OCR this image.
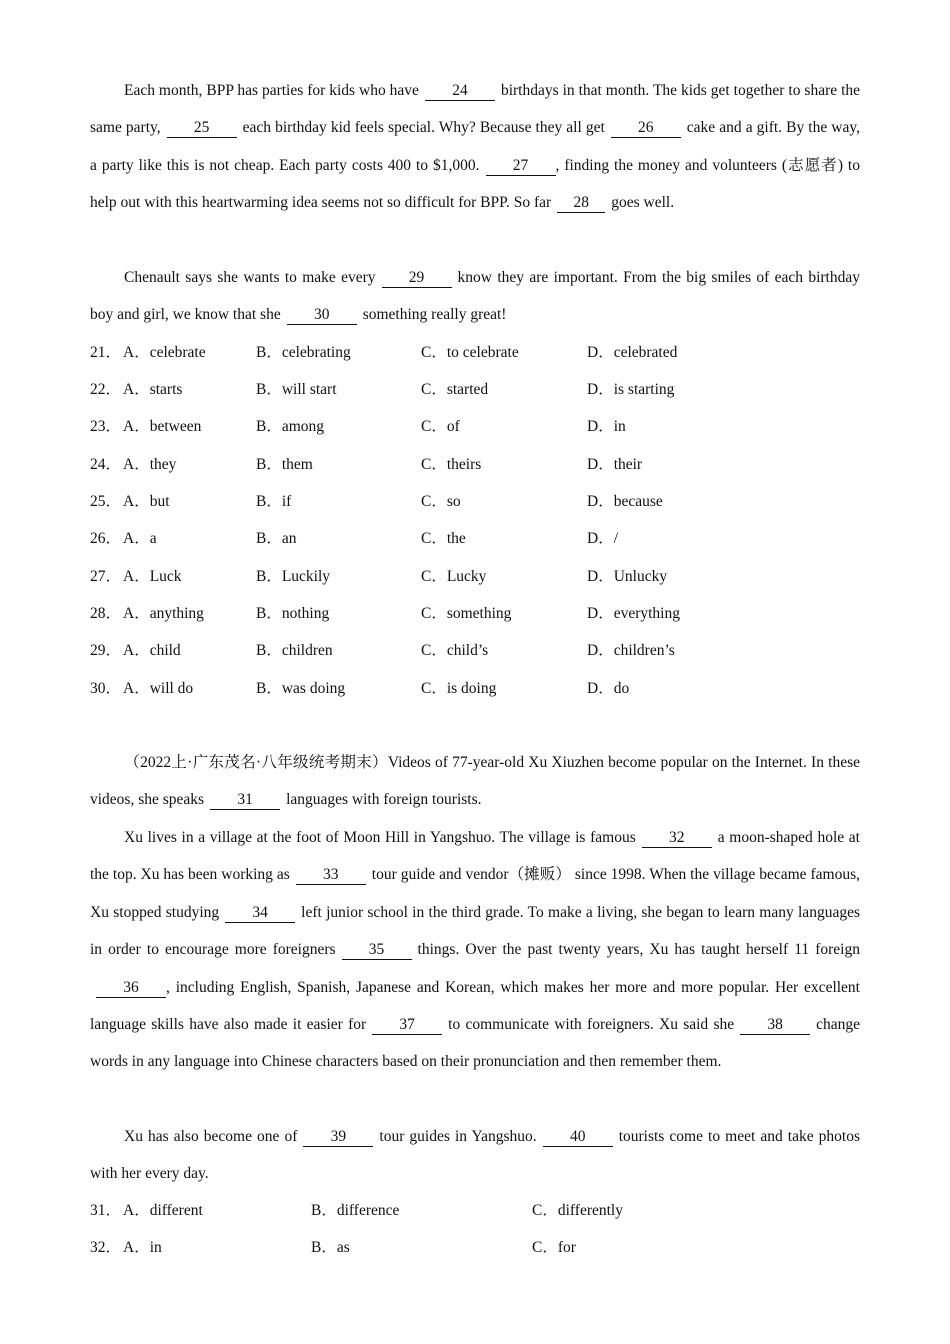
Each month, BPP has parties for kids who have 24 birthdays in that month. The kids get together to share the same party, 25 each birthday kid feels special. Why? Because they all get 26 cake and a gift. By the way, a party like this is not cheap. Each party costs 400 to $1,000. 27 , finding the money and volunteers (志愿者) to help out with this heartwarming idea seems not so difficult for BPP. So far 28 goes well.

Chenault says she wants to make every 29 know they are important. From the big smiles of each birthday boy and girl, we know that she 30 something really great!

21． A．celebrate	B．celebrating	C．to celebrate	D．celebrated
22． A．starts	B．will start	C．started	D．is starting
23． A．between	B．among	C．of	D．in
24． A．they	B．them	C．theirs	D．their
25． A．but	B．if	C．so	D．because
26． A．a	B．an	C．the	D．/
27． A．Luck	B．Luckily	C．Lucky	D．Unlucky
28． A．anything	B．nothing	C．something	D．everything
29． A．child	B．children	C．child’s	D．children’s
30． A．will do	B．was doing	C．is doing	D．do

（2022上·广东茂名·八年级统考期末）Videos of 77-year-old Xu Xiuzhen become popular on the Internet. In these videos, she speaks 31 languages with foreign tourists.

Xu lives in a village at the foot of Moon Hill in Yangshuo. The village is famous 32 a moon-shaped hole at the top. Xu has been working as 33 tour guide and vendor（摊贩） since 1998. When the village became famous, Xu stopped studying 34 left junior school in the third grade. To make a living, she began to learn many languages in order to encourage more foreigners 35 things. Over the past twenty years, Xu has taught herself 11 foreign36 , including English, Spanish, Japanese and Korean, which makes her more and more popular. Her excellent language skills have also made it easier for 37 to communicate with foreigners. Xu said she 38 change words in any language into Chinese characters based on their pronunciation and then remember them.

Xu has also become one of 39 tour guides in Yangshuo. 40 tourists come to meet and take photos with her every day.

31． A．different	B．difference	C．differently
32． A．in	B．as	C．for
